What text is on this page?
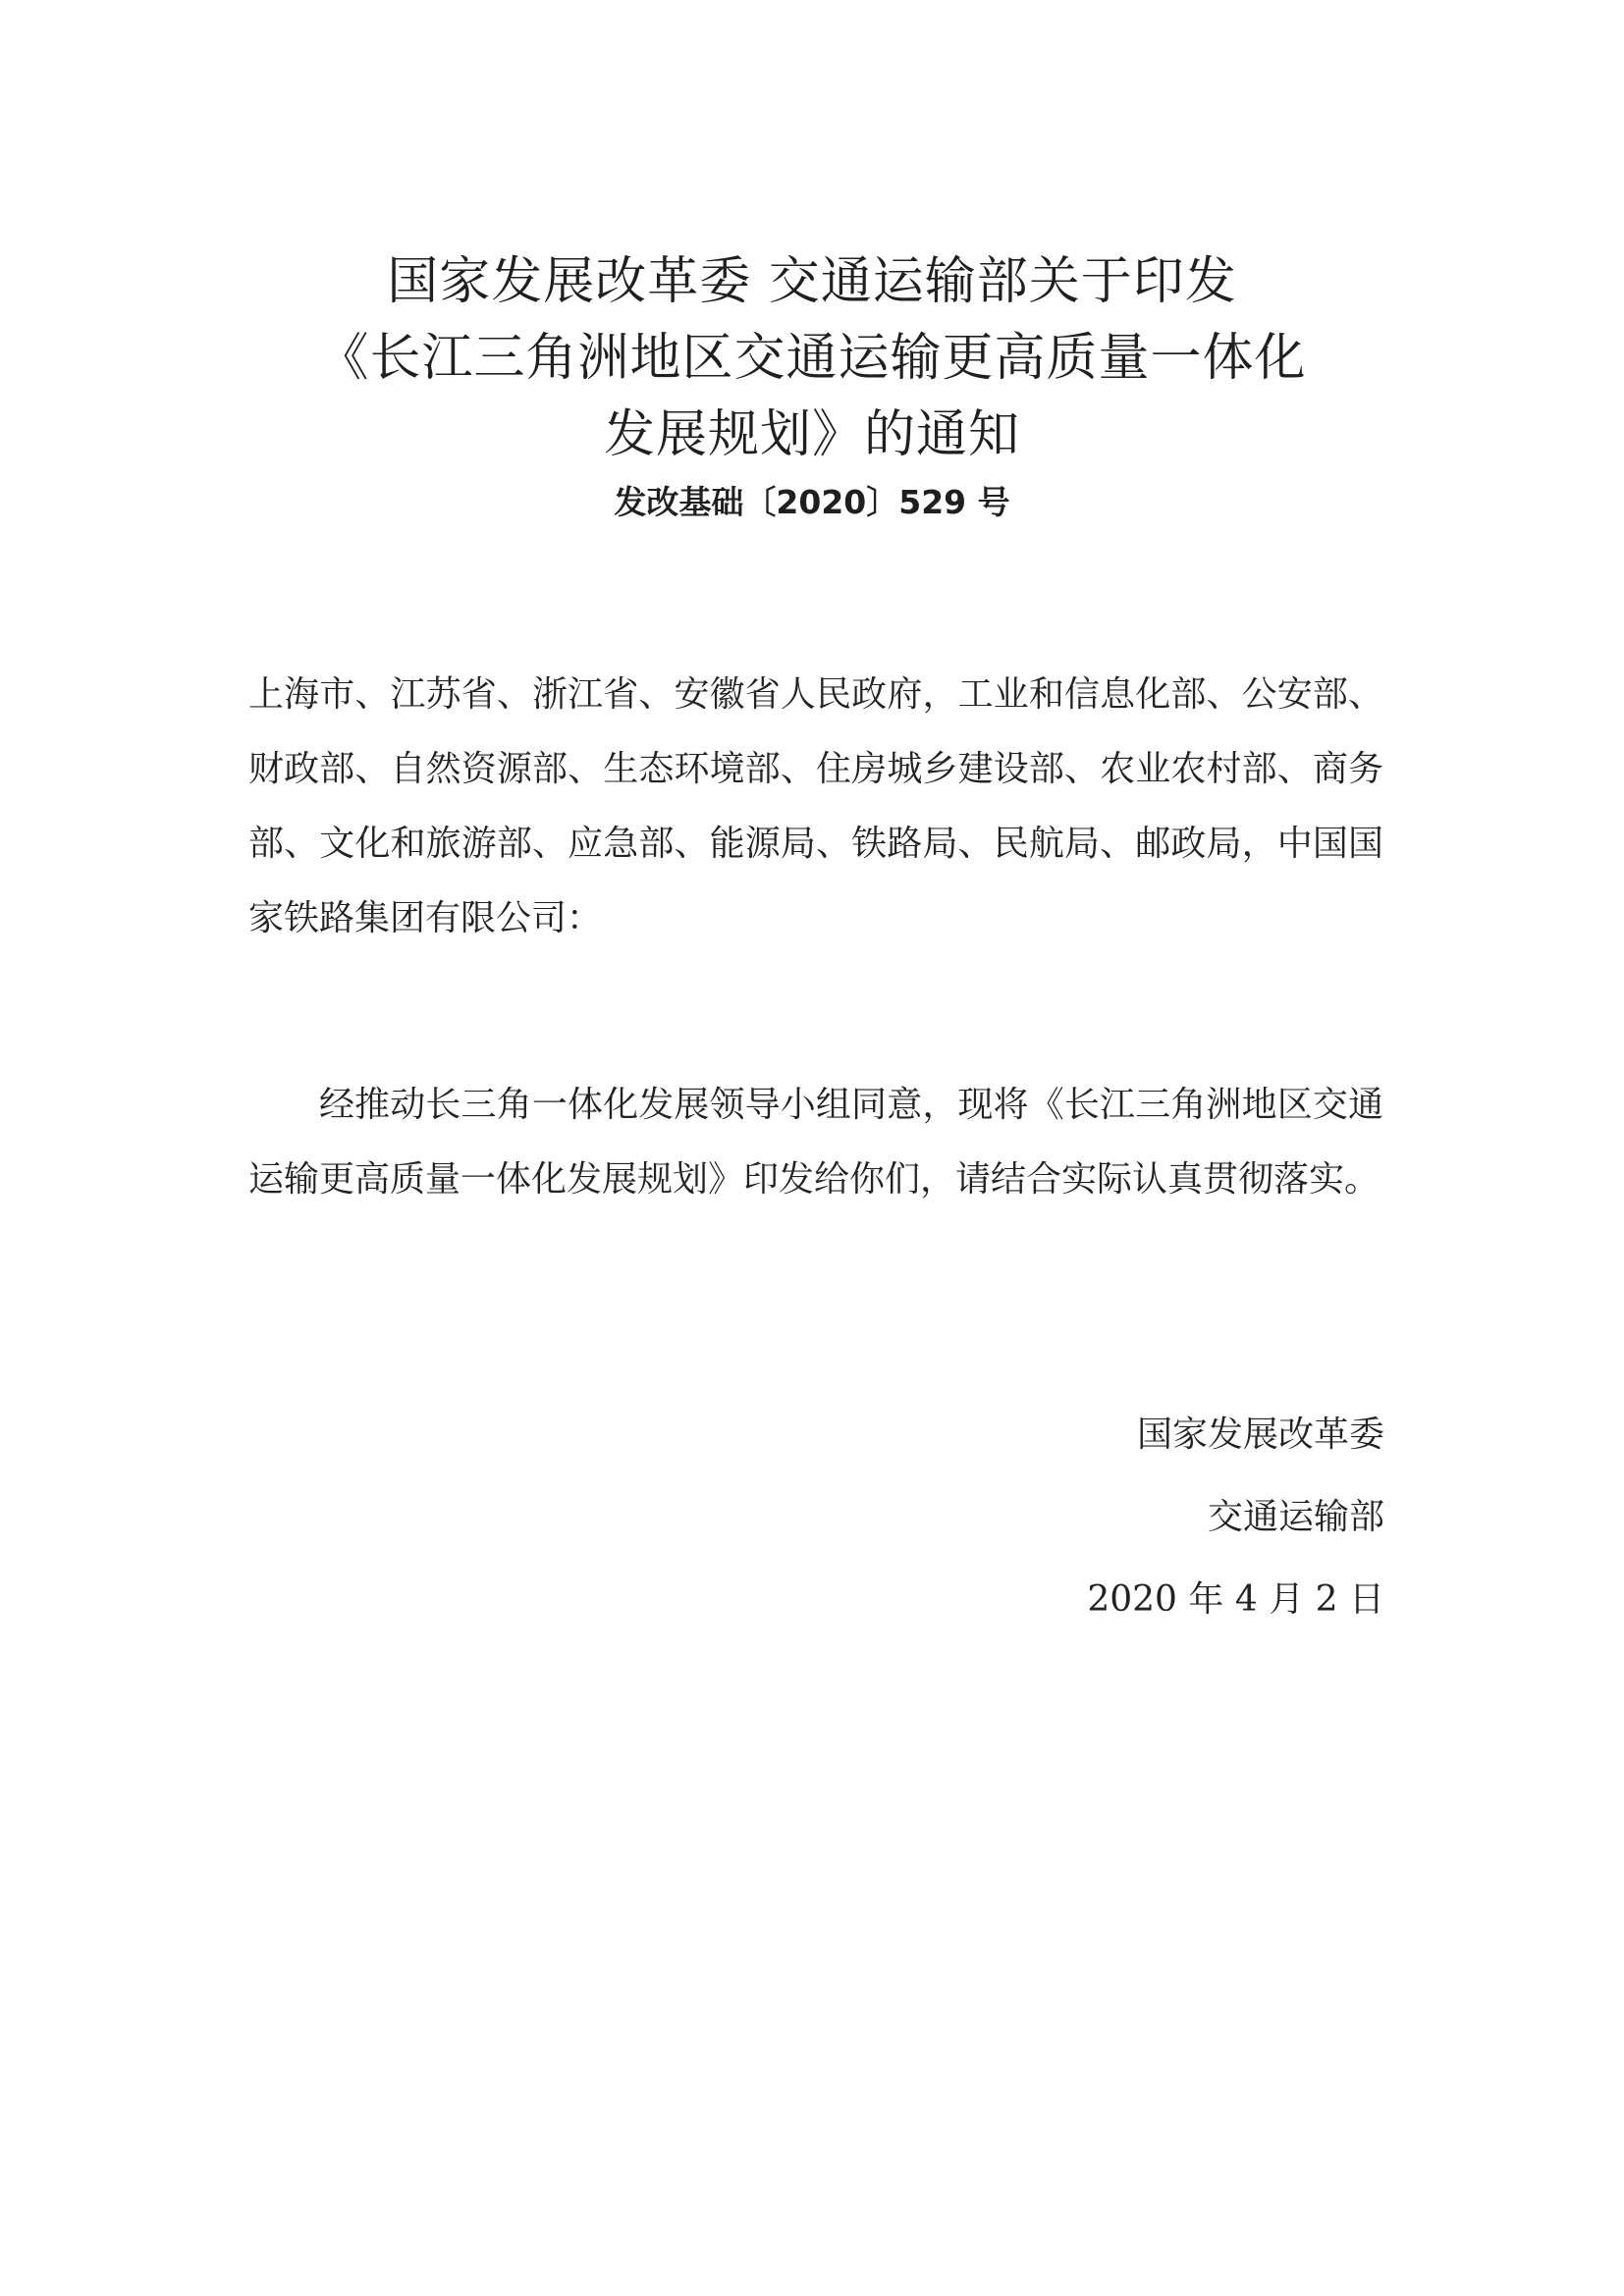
国家发展改革委 交通运输部关于印发
《长江三角洲地区交通运输更高质量一体化
发展规划》的通知
发改基础〔2020〕529 号
上海市、江苏省、浙江省、安徽省人民政府，工业和信息化部、公安部、财政部、自然资源部、生态环境部、住房城乡建设部、农业农村部、商务部、文化和旅游部、应急部、能源局、铁路局、民航局、邮政局，中国国家铁路集团有限公司：
经推动长三角一体化发展领导小组同意，现将《长江三角洲地区交通运输更高质量一体化发展规划》印发给你们，请结合实际认真贯彻落实。
国家发展改革委
交通运输部
2020 年 4 月 2 日
